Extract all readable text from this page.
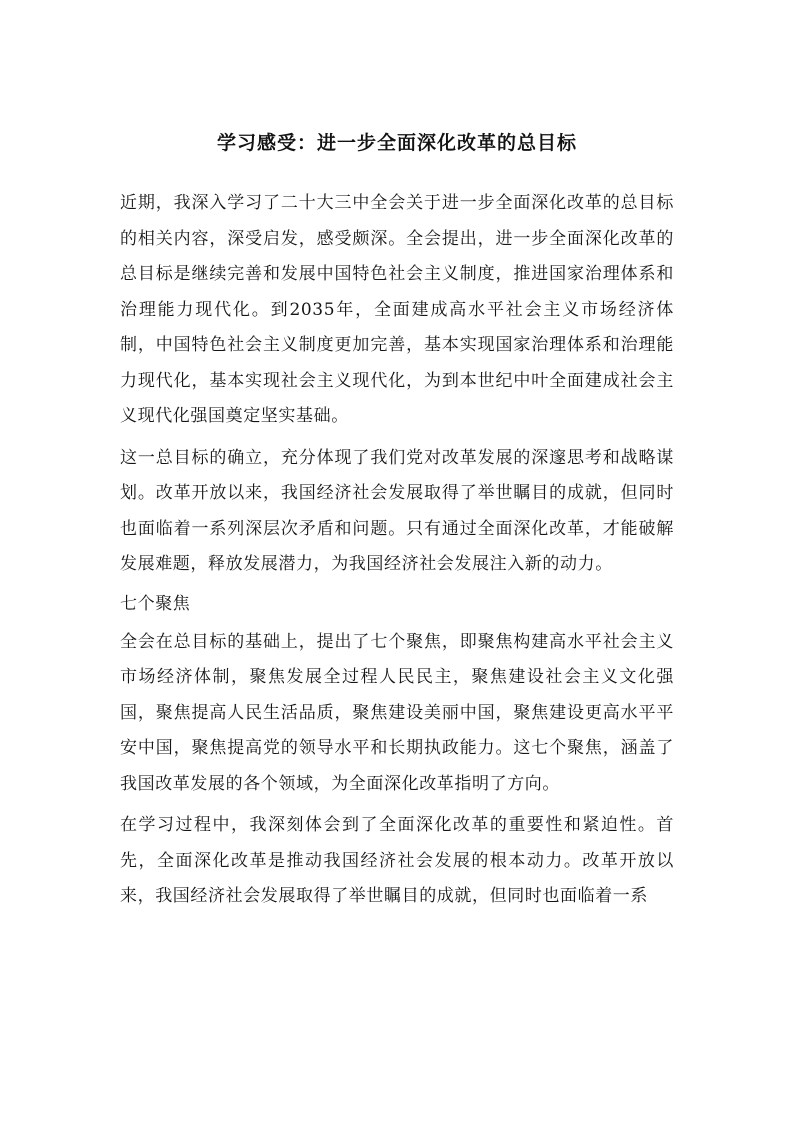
学习感受：进一步全面深化改革的总目标

近期，我深入学习了二十大三中全会关于进一步全面深化改革的总目标的相关内容，深受启发，感受颇深。全会提出，进一步全面深化改革的总目标是继续完善和发展中国特色社会主义制度，推进国家治理体系和治理能力现代化。到2035年，全面建成高水平社会主义市场经济体制，中国特色社会主义制度更加完善，基本实现国家治理体系和治理能力现代化，基本实现社会主义现代化，为到本世纪中叶全面建成社会主义现代化强国奠定坚实基础。

这一总目标的确立，充分体现了我们党对改革发展的深邃思考和战略谋划。改革开放以来，我国经济社会发展取得了举世瞩目的成就，但同时也面临着一系列深层次矛盾和问题。只有通过全面深化改革，才能破解发展难题，释放发展潜力，为我国经济社会发展注入新的动力。

七个聚焦

全会在总目标的基础上，提出了七个聚焦，即聚焦构建高水平社会主义市场经济体制，聚焦发展全过程人民民主，聚焦建设社会主义文化强国，聚焦提高人民生活品质，聚焦建设美丽中国，聚焦建设更高水平平安中国，聚焦提高党的领导水平和长期执政能力。这七个聚焦，涵盖了我国改革发展的各个领域，为全面深化改革指明了方向。

在学习过程中，我深刻体会到了全面深化改革的重要性和紧迫性。首先，全面深化改革是推动我国经济社会发展的根本动力。改革开放以来，我国经济社会发展取得了举世瞩目的成就，但同时也面临着一系
